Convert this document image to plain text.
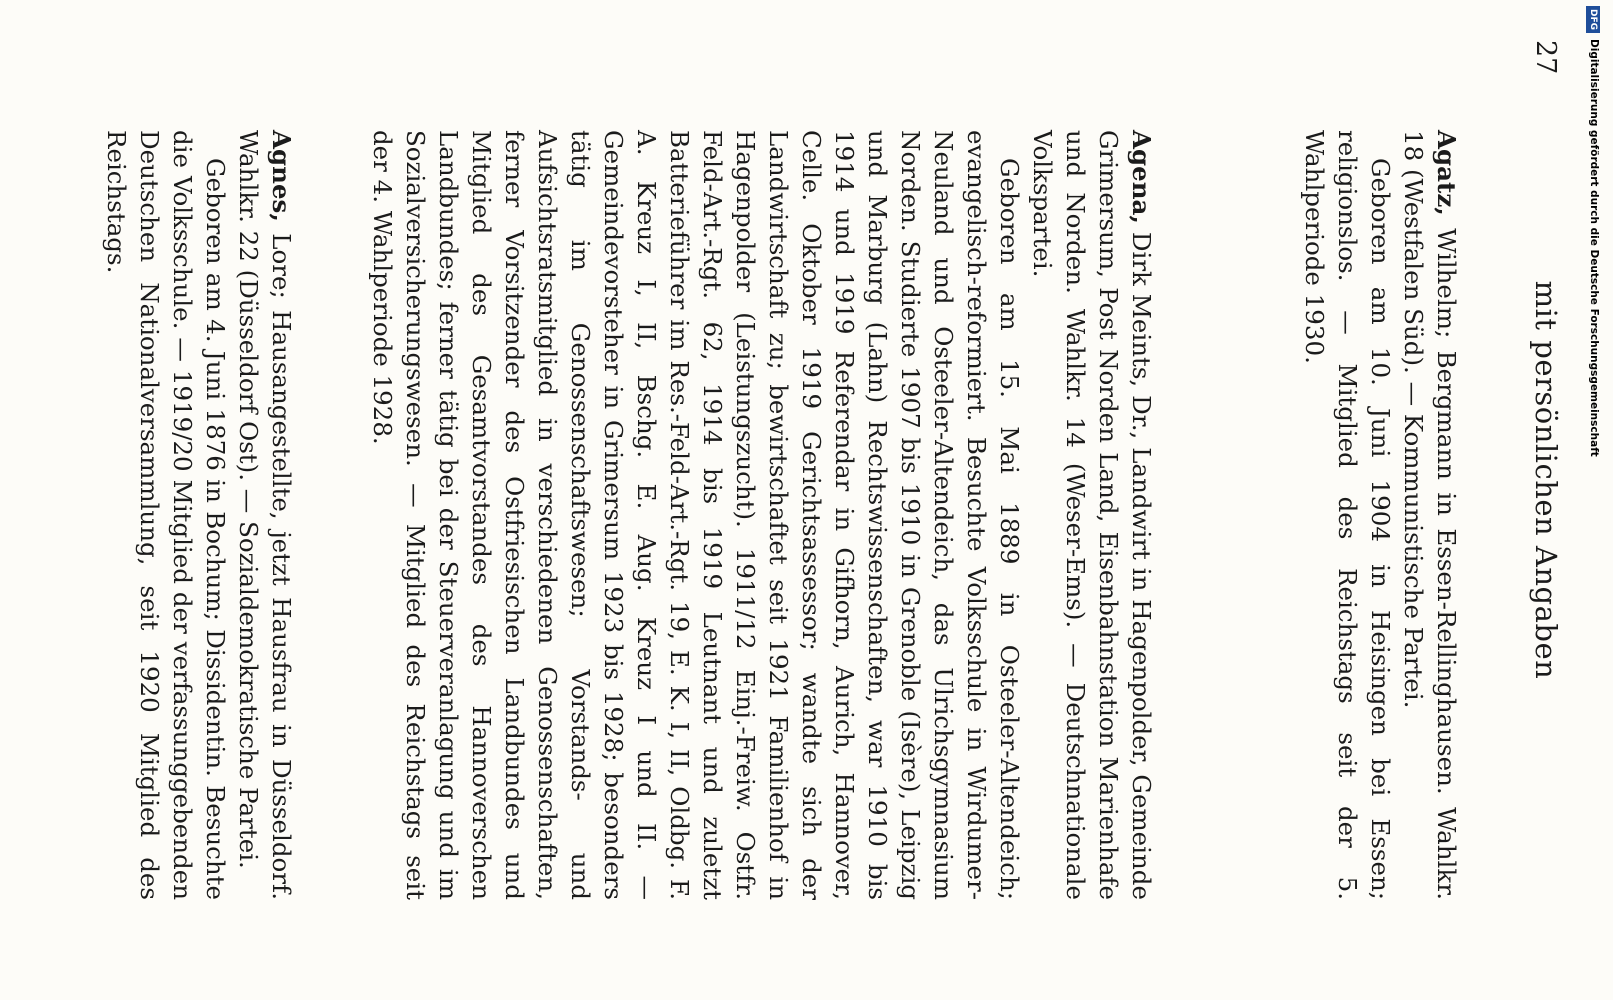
27
mit persönlichen Angaben

Agatz, Wilhelm; Bergmann in Essen-Rellinghausen. Wahlkr. 18 (Westfalen Süd). — Kommunistische Partei.

Geboren am 10. Juni 1904 in Heisingen bei Essen; religionslos. — Mitglied des Reichstags seit der 5. Wahlperiode 1930.

Agena, Dirk Meints, Dr., Landwirt in Hagenpolder, Gemeinde Grimersum, Post Norden Land, Eisenbahnstation Marienhafe und Norden. Wahlkr. 14 (Weser-Ems). — Deutschnationale Volkspartei.

Geboren am 15. Mai 1889 in Osteeler-Altendeich; evangelisch-reformiert. Besuchte Volksschule in Wirdumer-Neuland und Osteeler-Altendeich, das Ulrichsgymnasium Norden. Studierte 1907 bis 1910 in Grenoble (Isère), Leipzig und Marburg (Lahn) Rechtswissenschaften, war 1910 bis 1914 und 1919 Referendar in Gifhorn, Aurich, Hannover, Celle. Oktober 1919 Gerichtsassessor; wandte sich der Landwirtschaft zu; bewirtschaftet seit 1921 Familienhof in Hagenpolder (Leistungszucht). 1911/12 Einj.-Freiw. Ostfr. Feld-Art.-Rgt. 62, 1914 bis 1919 Leutnant und zuletzt Batterieführer im Res.-Feld-Art.-Rgt. 19, E. K. I, II, Oldbg. F. A. Kreuz I, II, Bschg. E. Aug. Kreuz I und II. — Gemeindevorsteher in Grimersum 1923 bis 1928; besonders tätig im Genossenschaftswesen; Vorstands- und Aufsichtsratsmitglied in verschiedenen Genossenschaften, ferner Vorsitzender des Ostfriesischen Landbundes und Mitglied des Gesamtvorstandes des Hannoverschen Landbundes; ferner tätig bei der Steuerveranlagung und im Sozialversicherungswesen. — Mitglied des Reichstags seit der 4. Wahlperiode 1928.

Agnes, Lore; Hausangestellte, jetzt Hausfrau in Düsseldorf. Wahlkr. 22 (Düsseldorf Ost). — Sozialdemokratische Partei.

Geboren am 4. Juni 1876 in Bochum; Dissidentin. Besuchte die Volksschule. — 1919/20 Mitglied der verfassunggebenden Deutschen Nationalversammlung, seit 1920 Mitglied des Reichstags.

DFGDigitalisierung gefördert durch die Deutsche Forschungsgemeinschaft
